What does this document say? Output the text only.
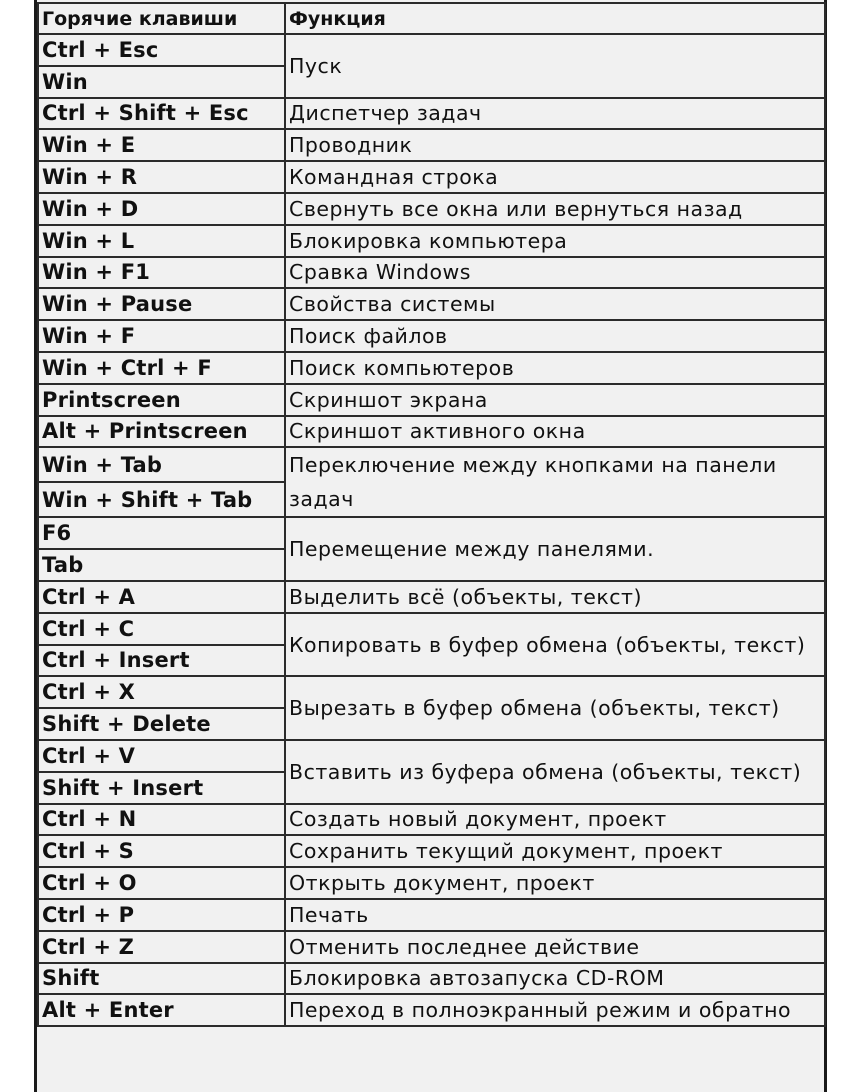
Горячие клавиши	Функция
Ctrl + Esc	Пуск
Win	
Ctrl + Shift + Esc	Диспетчер задач
Win + E	Проводник
Win + R	Командная строка
Win + D	Свернуть все окна или вернуться назад
Win + L	Блокировка компьютера
Win + F1	Сравка Windows
Win + Pause	Свойства системы
Win + F	Поиск файлов
Win + Ctrl + F	Поиск компьютеров
Printscreen	Скриншот экрана
Alt + Printscreen	Скриншот активного окна
Win + Tab	Переключение между кнопками на панели задач
Win + Shift + Tab	
F6	Перемещение между панелями.
Tab	
Ctrl + A	Выделить всё (объекты, текст)
Ctrl + C	Копировать в буфер обмена (объекты, текст)
Ctrl + Insert	
Ctrl + X	Вырезать в буфер обмена (объекты, текст)
Shift + Delete	
Ctrl + V	Вставить из буфера обмена (объекты, текст)
Shift + Insert	
Ctrl + N	Создать новый документ, проект
Ctrl + S	Сохранить текущий документ, проект
Ctrl + O	Открыть документ, проект
Ctrl + P	Печать
Ctrl + Z	Отменить последнее действие
Shift	Блокировка автозапуска CD-ROM
Alt + Enter	Переход в полноэкранный режим и обратно
